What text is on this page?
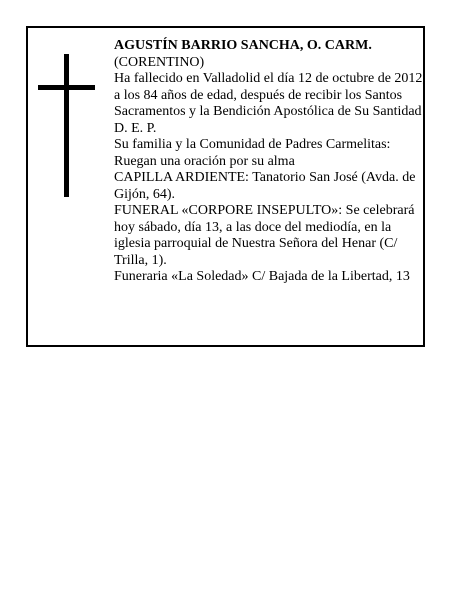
AGUSTÍN BARRIO SANCHA, O. CARM.

(CORENTINO)

Ha fallecido en Valladolid el día 12 de octubre de 2012, a los 84 años de edad, después de recibir los Santos Sacramentos y la Bendición Apostólica de Su Santidad

D. E. P.

Su familia y la Comunidad de Padres Carmelitas:

Ruegan una oración por su alma

CAPILLA ARDIENTE: Tanatorio San José (Avda. de Gijón, 64).

FUNERAL «CORPORE INSEPULTO»: Se celebrará hoy sábado, día 13, a las doce del mediodía, en la iglesia parroquial de Nuestra Señora del Henar (C/ Trilla, 1).

Funeraria «La Soledad» C/ Bajada de la Libertad, 13
